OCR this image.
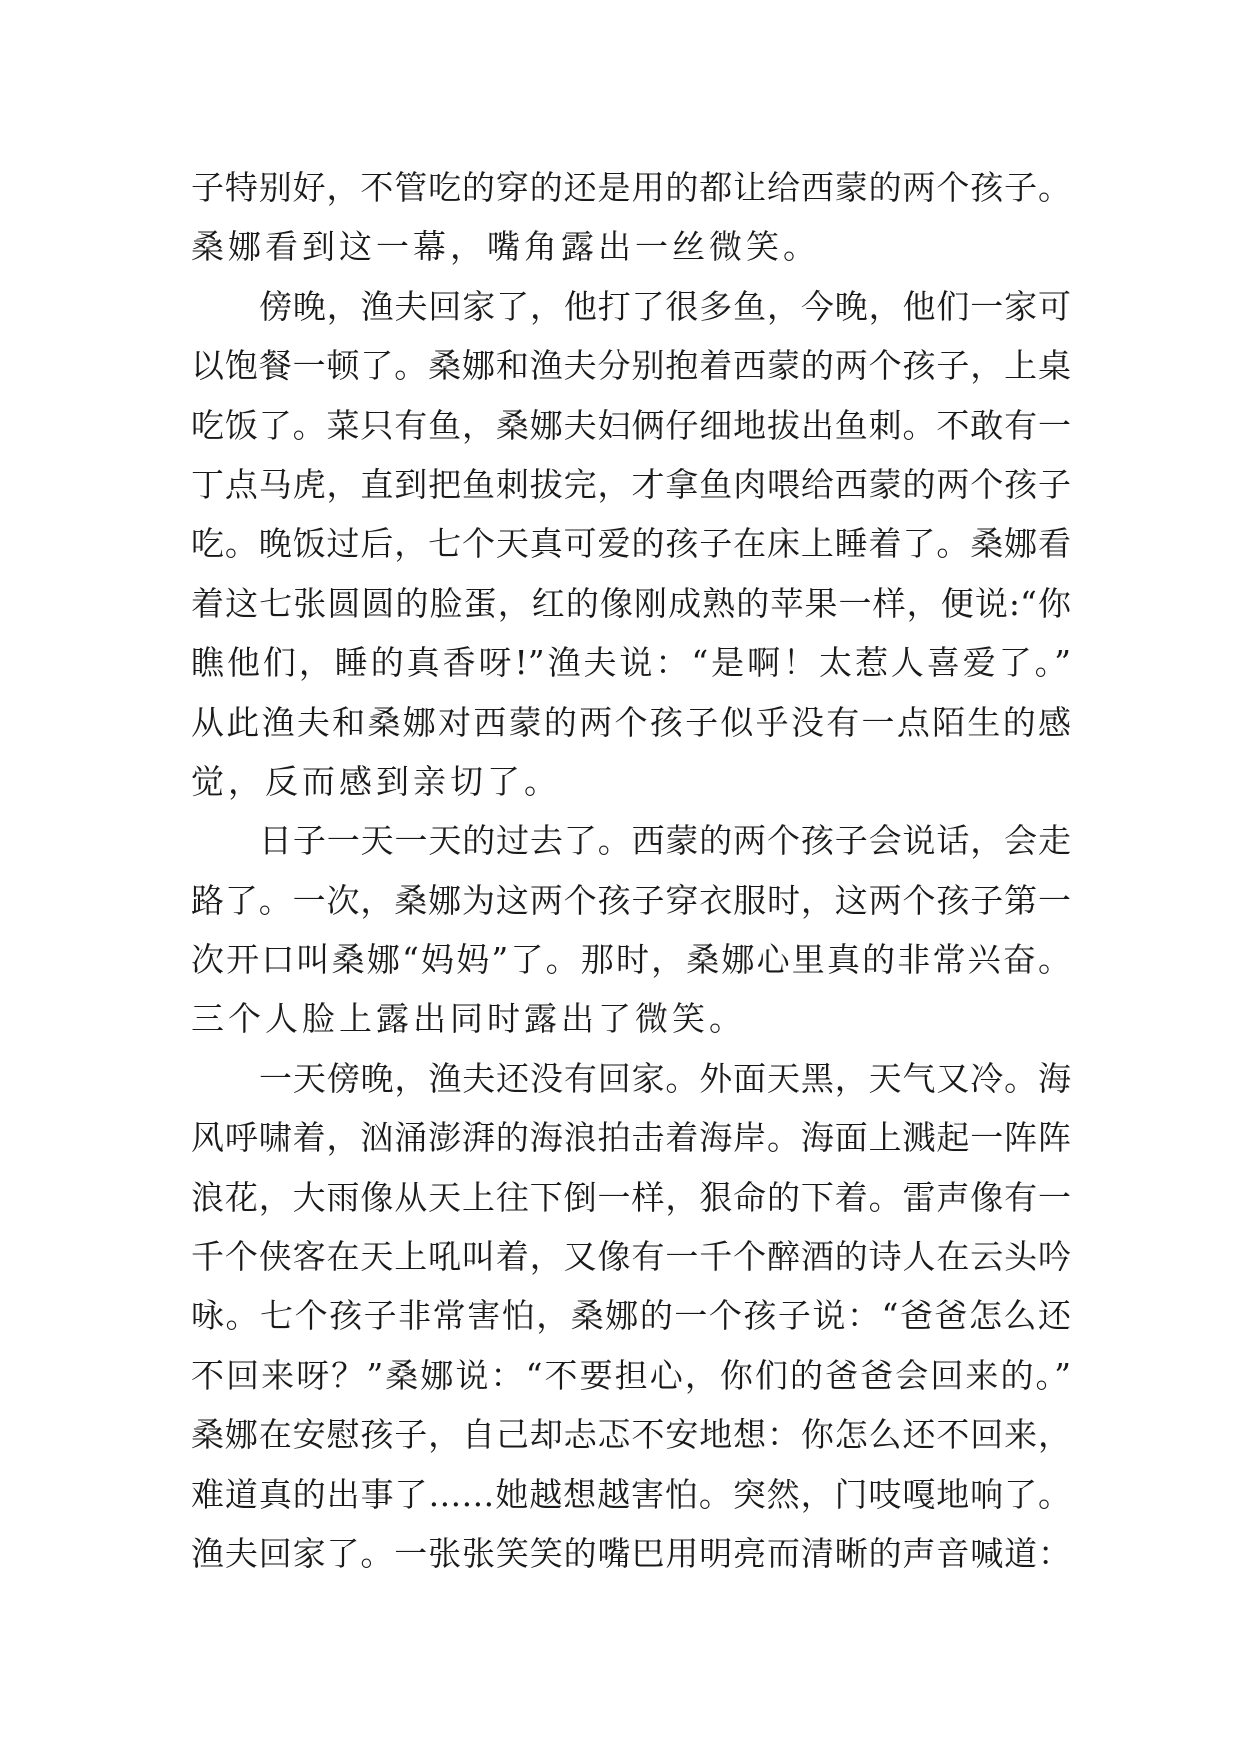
子特别好，不管吃的穿的还是用的都让给西蒙的两个孩子。
桑娜看到这一幕，嘴角露出一丝微笑。
傍晚，渔夫回家了，他打了很多鱼，今晚，他们一家可
以饱餐一顿了。桑娜和渔夫分别抱着西蒙的两个孩子，上桌
吃饭了。菜只有鱼，桑娜夫妇俩仔细地拔出鱼刺。不敢有一
丁点马虎，直到把鱼刺拔完，才拿鱼肉喂给西蒙的两个孩子
吃。晚饭过后，七个天真可爱的孩子在床上睡着了。桑娜看
着这七张圆圆的脸蛋，红的像刚成熟的苹果一样，便说:“你
瞧他们，睡的真香呀!”渔夫说：“是啊！太惹人喜爱了。”
从此渔夫和桑娜对西蒙的两个孩子似乎没有一点陌生的感
觉，反而感到亲切了。
日子一天一天的过去了。西蒙的两个孩子会说话，会走
路了。一次，桑娜为这两个孩子穿衣服时，这两个孩子第一
次开口叫桑娜“妈妈”了。那时，桑娜心里真的非常兴奋。
三个人脸上露出同时露出了微笑。
一天傍晚，渔夫还没有回家。外面天黑，天气又冷。海
风呼啸着，汹涌澎湃的海浪拍击着海岸。海面上溅起一阵阵
浪花，大雨像从天上往下倒一样，狠命的下着。雷声像有一
千个侠客在天上吼叫着，又像有一千个醉酒的诗人在云头吟
咏。七个孩子非常害怕，桑娜的一个孩子说：“爸爸怎么还
不回来呀？”桑娜说：“不要担心，你们的爸爸会回来的。”
桑娜在安慰孩子，自己却忐忑不安地想：你怎么还不回来，
难道真的出事了……她越想越害怕。突然，门吱嘎地响了。
渔夫回家了。一张张笑笑的嘴巴用明亮而清晰的声音喊道：
